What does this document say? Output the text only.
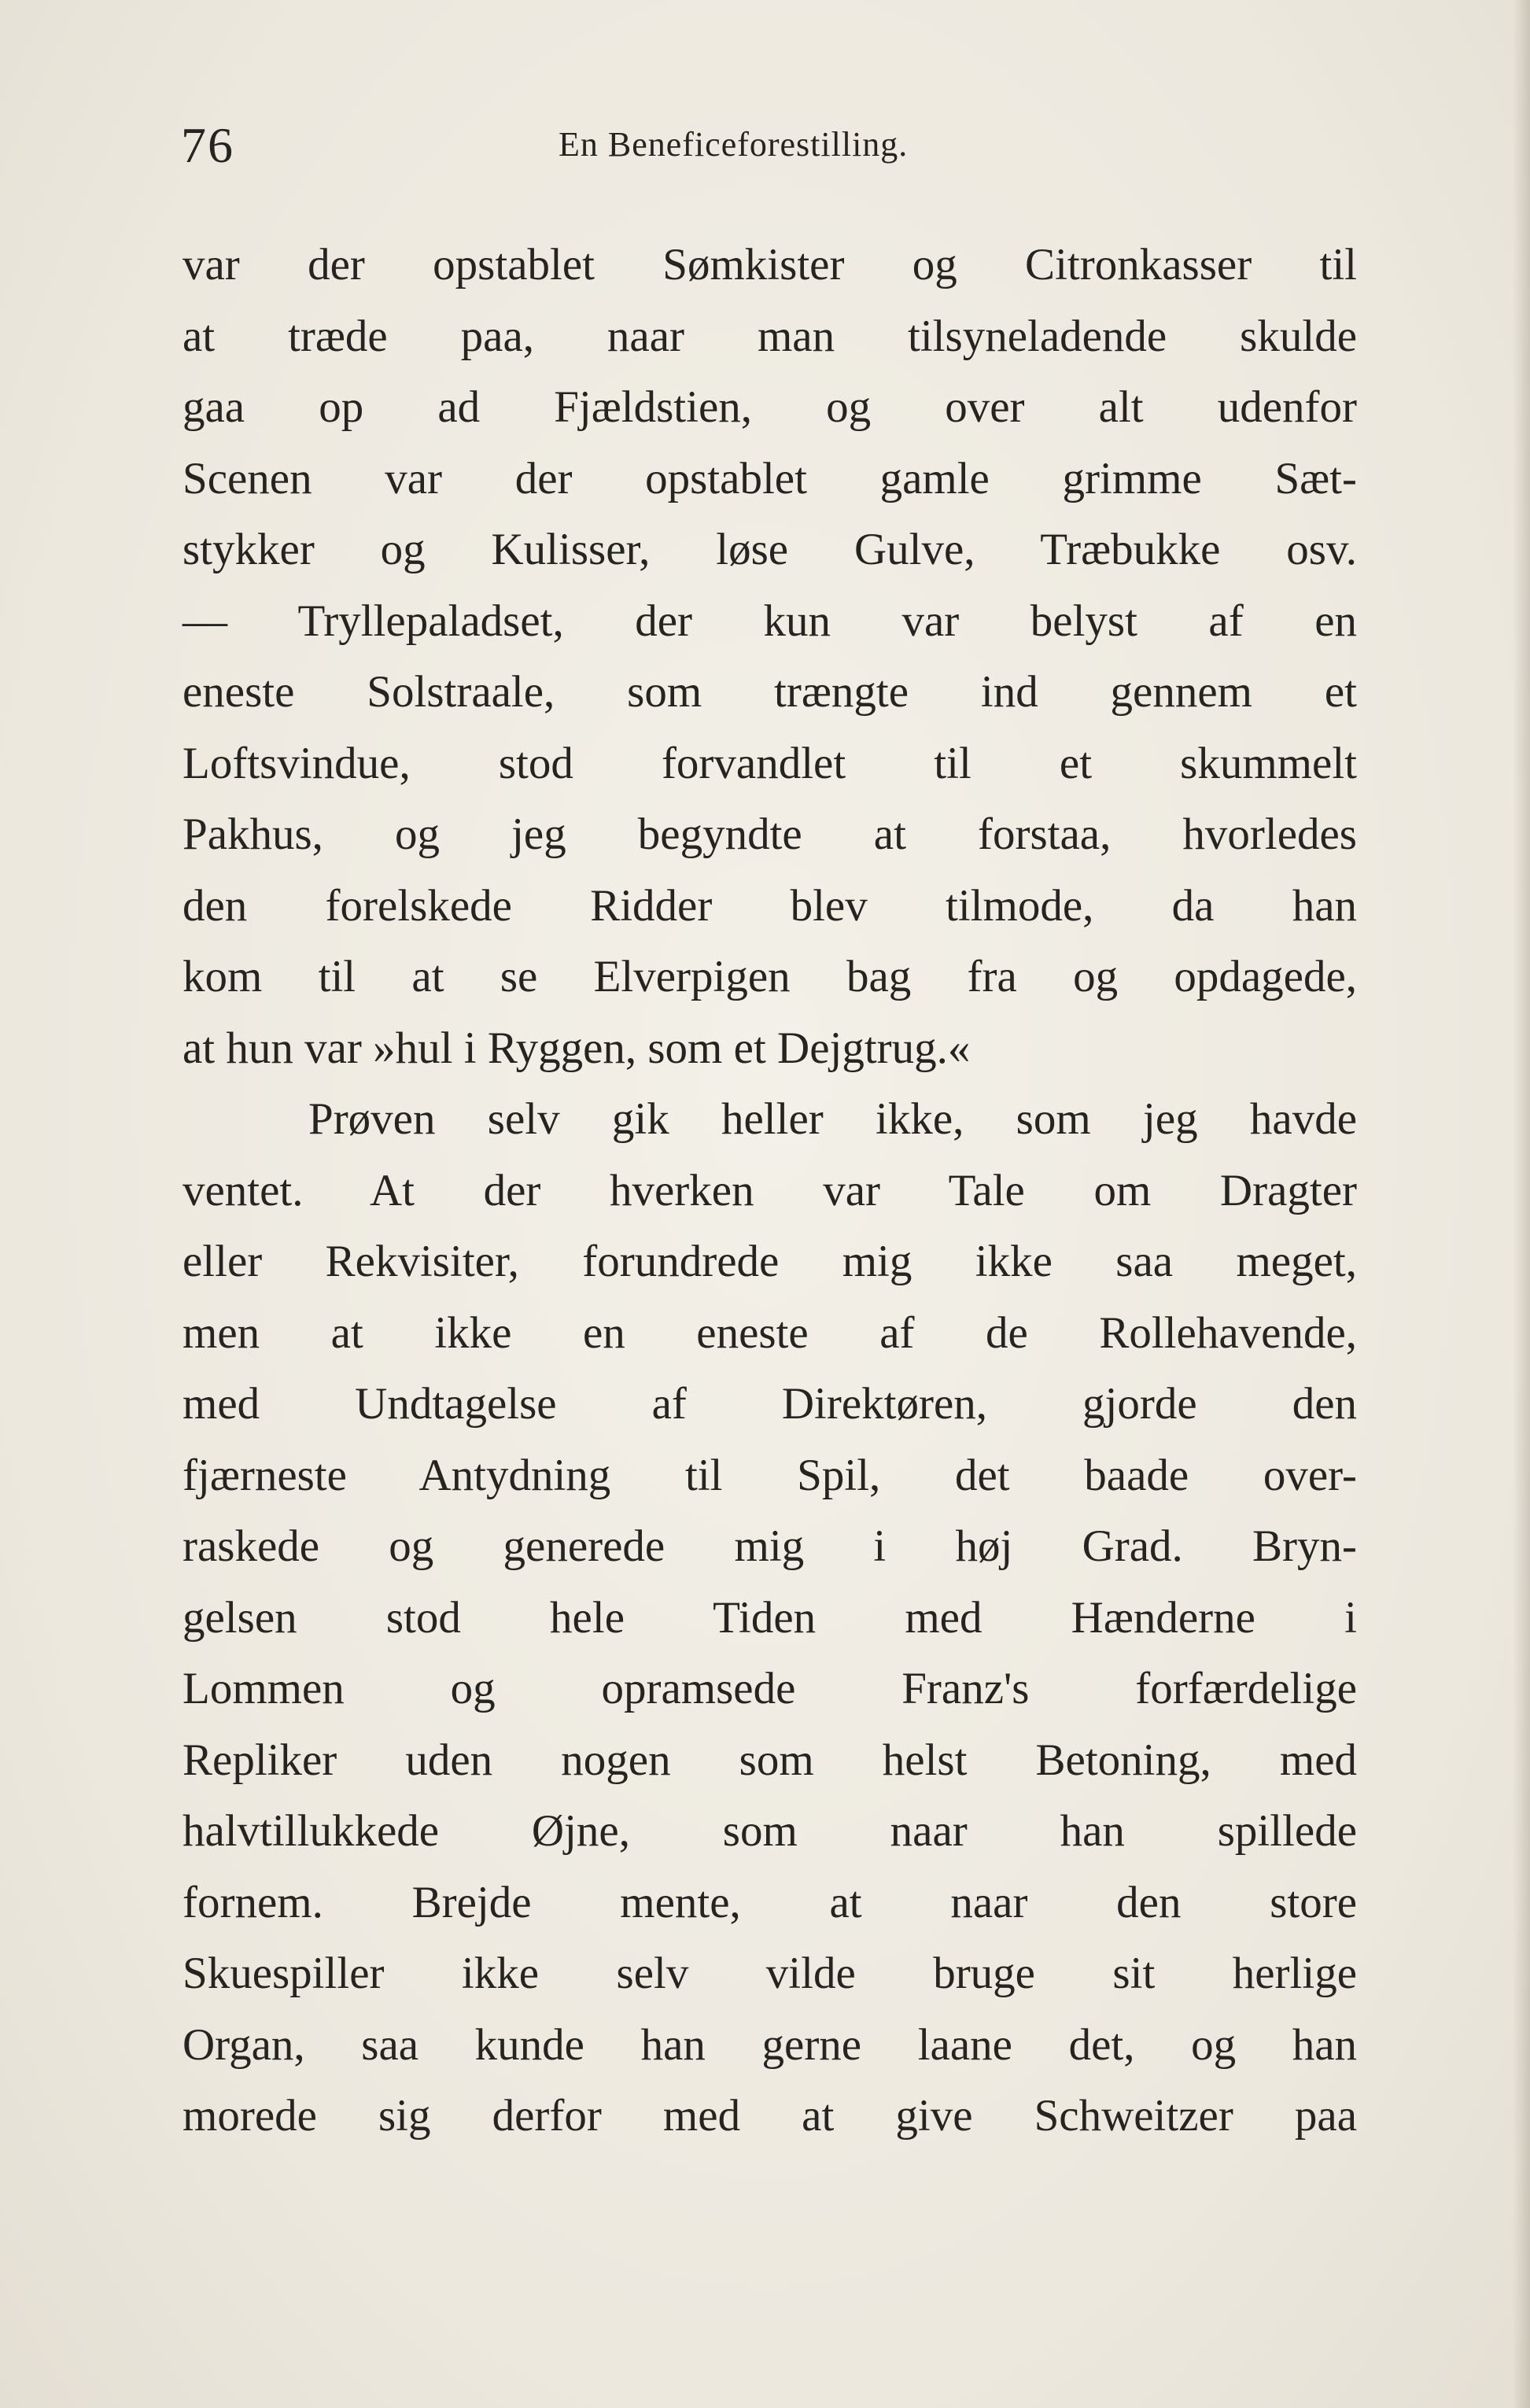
76	En Beneficeforestilling.
var der opstablet Sømkister og Citronkasser til
at træde paa, naar man tilsyneladende skulde
gaa op ad Fjældstien, og over alt udenfor
Scenen var der opstablet gamle grimme Sæt-
stykker og Kulisser, løse Gulve, Træbukke osv.
— Tryllepaladset, der kun var belyst af en
eneste Solstraale, som trængte ind gennem et
Loftsvindue, stod forvandlet til et skummelt
Pakhus, og jeg begyndte at forstaa, hvorledes
den forelskede Ridder blev tilmode, da han
kom til at se Elverpigen bag fra og opdagede,
at hun var »hul i Ryggen, som et Dejgtrug.«
Prøven selv gik heller ikke, som jeg havde
ventet. At der hverken var Tale om Dragter
eller Rekvisiter, forundrede mig ikke saa meget,
men at ikke en eneste af de Rollehavende,
med Undtagelse af Direktøren, gjorde den
fjærneste Antydning til Spil, det baade over-
raskede og generede mig i høj Grad. Bryn-
gelsen stod hele Tiden med Hænderne i
Lommen og opramsede Franz's forfærdelige
Repliker uden nogen som helst Betoning, med
halvtillukkede Øjne, som naar han spillede
fornem. Brejde mente, at naar den store
Skuespiller ikke selv vilde bruge sit herlige
Organ, saa kunde han gerne laane det, og han
morede sig derfor med at give Schweitzer paa
